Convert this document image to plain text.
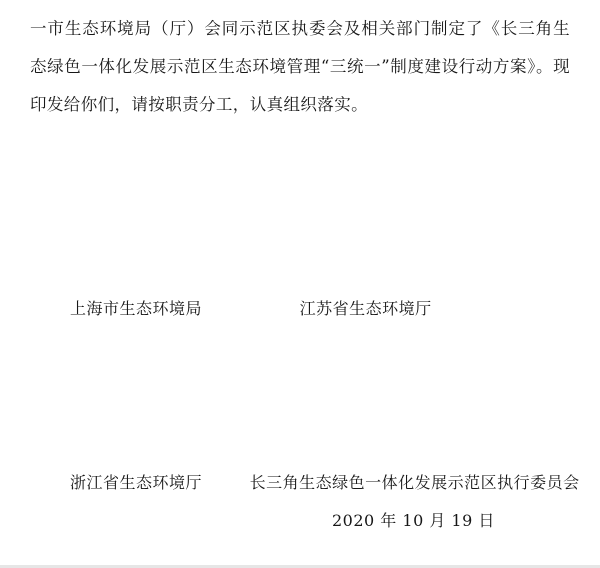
一市生态环境局（厅）会同示范区执委会及相关部门制定了《长三角生态绿色一体化发展示范区生态环境管理“三统一”制度建设行动方案》。现印发给你们，请按职责分工，认真组织落实。
上海市生态环境局	江苏省生态环境厅
浙江省生态环境厅	长三角生态绿色一体化发展示范区执行委员会
2020 年 10 月 19 日
